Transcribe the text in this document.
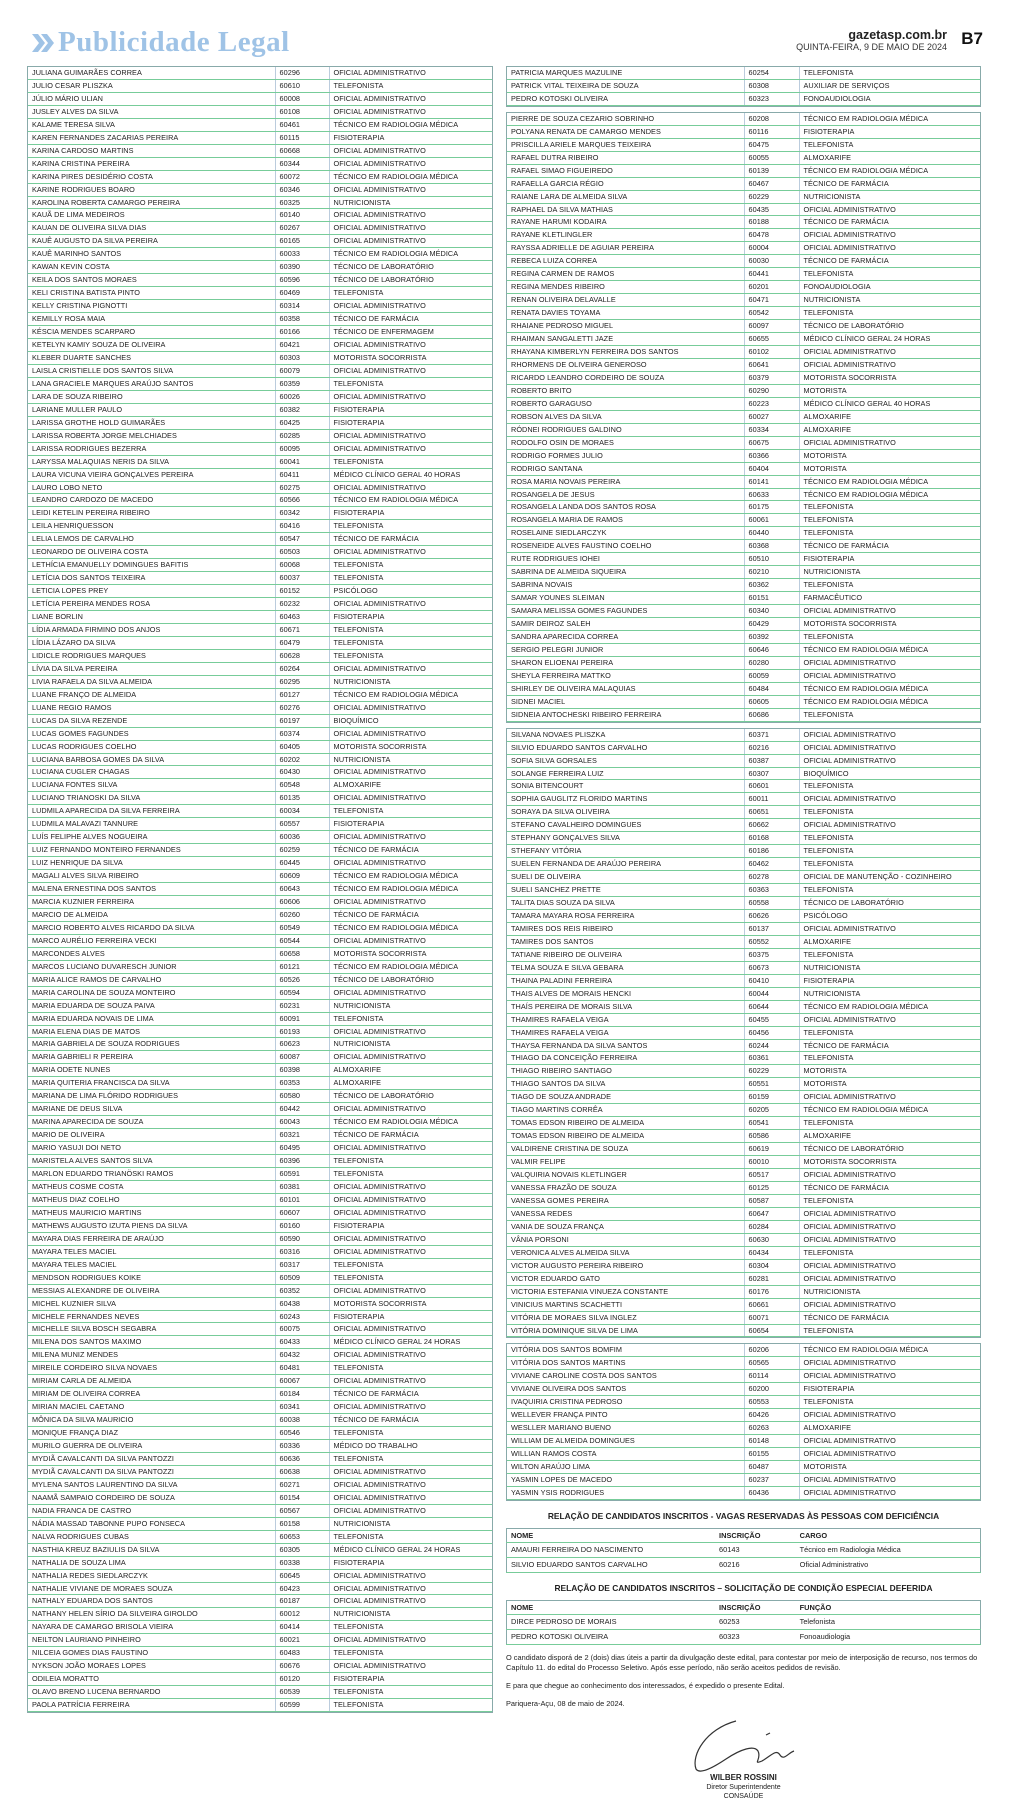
Publicidade Legal	gazetasp.com.br
QUINTA-FEIRA, 9 DE MAIO DE 2024 B7
JULIANA GUIMARÃES CORREA	60296	OFICIAL ADMINISTRATIVO
JULIO CESAR PLISZKA	60610	TELEFONISTA
JÚLIO MÁRIO ULIAN	60008	OFICIAL ADMINISTRATIVO
JUSLEY ALVES DA SILVA	60108	OFICIAL ADMINISTRATIVO
KALAME TERESA SILVA	60461	TÉCNICO EM RADIOLOGIA MÉDICA
KAREN FERNANDES ZACARIAS PEREIRA	60115	FISIOTERAPIA
KARINA CARDOSO MARTINS	60668	OFICIAL ADMINISTRATIVO
KARINA CRISTINA PEREIRA	60344	OFICIAL ADMINISTRATIVO
KARINA PIRES DESIDÉRIO COSTA	60072	TÉCNICO EM RADIOLOGIA MÉDICA
KARINE RODRIGUES BOARO	60346	OFICIAL ADMINISTRATIVO
KAROLINA ROBERTA CAMARGO PEREIRA	60325	NUTRICIONISTA
KAUÃ DE LIMA MEDEIROS	60140	OFICIAL ADMINISTRATIVO
KAUAN DE OLIVEIRA SILVA DIAS	60267	OFICIAL ADMINISTRATIVO
KAUÊ AUGUSTO DA SILVA PEREIRA	60165	OFICIAL ADMINISTRATIVO
KAUÊ MARINHO SANTOS	60033	TÉCNICO EM RADIOLOGIA MÉDICA
KAWAN KEVIN COSTA	60390	TÉCNICO DE LABORATÓRIO
KEILA DOS SANTOS MORAES	60596	TÉCNICO DE LABORATÓRIO
KELI CRISTINA BATISTA PINTO	60469	TELEFONISTA
KELLY CRISTINA PIGNOTTI	60314	OFICIAL ADMINISTRATIVO
KEMILLY ROSA MAIA	60358	TÉCNICO DE FARMÁCIA
KÉSCIA MENDES SCARPARO	60166	TÉCNICO DE ENFERMAGEM
KETELYN KAMIY SOUZA DE OLIVEIRA	60421	OFICIAL ADMINISTRATIVO
KLEBER DUARTE SANCHES	60303	MOTORISTA SOCORRISTA
LAISLA CRISTIELLE DOS SANTOS SILVA	60079	OFICIAL ADMINISTRATIVO
LANA GRACIELE MARQUES ARAÚJO SANTOS	60359	TELEFONISTA
LARA DE SOUZA RIBEIRO	60026	OFICIAL ADMINISTRATIVO
LARIANE MULLER PAULO	60382	FISIOTERAPIA
LARISSA GROTHE HOLD GUIMARÃES	60425	FISIOTERAPIA
LARISSA ROBERTA JORGE MELCHIADES	60285	OFICIAL ADMINISTRATIVO
LARISSA RODRIGUES BEZERRA	60095	OFICIAL ADMINISTRATIVO
LARYSSA MALAQUIAS NERIS DA SILVA	60041	TELEFONISTA
LAURA VICUNA VIEIRA GONÇALVES PEREIRA	60411	MÉDICO CLÍNICO GERAL 40 HORAS
LAURO LOBO NETO	60275	OFICIAL ADMINISTRATIVO
LEANDRO CARDOZO DE MACEDO	60566	TÉCNICO EM RADIOLOGIA MÉDICA
LEIDI KETELIN PEREIRA RIBEIRO	60342	FISIOTERAPIA
LEILA HENRIQUESSON	60416	TELEFONISTA
LELIA LEMOS DE CARVALHO	60547	TÉCNICO DE FARMÁCIA
LEONARDO DE OLIVEIRA COSTA	60503	OFICIAL ADMINISTRATIVO
LETHÍCIA EMANUELLY DOMINGUES BAFITIS	60068	TELEFONISTA
LETÍCIA DOS SANTOS TEIXEIRA	60037	TELEFONISTA
LETICIA LOPES PREY	60152	PSICÓLOGO
LETÍCIA PEREIRA MENDES ROSA	60232	OFICIAL ADMINISTRATIVO
LIANE BORLIN	60463	FISIOTERAPIA
LÍDIA ARMADA FIRMINO DOS ANJOS	60671	TELEFONISTA
LÍDIA LÁZARO DA SILVA	60479	TELEFONISTA
LIDICLE RODRIGUES MARQUES	60628	TELEFONISTA
LÍVIA DA SILVA PEREIRA	60264	OFICIAL ADMINISTRATIVO
LIVIA RAFAELA DA SILVA ALMEIDA	60295	NUTRICIONISTA
LUANE FRANÇO DE ALMEIDA	60127	TÉCNICO EM RADIOLOGIA MÉDICA
LUANE REGIO RAMOS	60276	OFICIAL ADMINISTRATIVO
LUCAS DA SILVA REZENDE	60197	BIOQUÍMICO
LUCAS GOMES FAGUNDES	60374	OFICIAL ADMINISTRATIVO
LUCAS RODRIGUES COELHO	60405	MOTORISTA SOCORRISTA
LUCIANA BARBOSA GOMES DA SILVA	60202	NUTRICIONISTA
LUCIANA CUGLER CHAGAS	60430	OFICIAL ADMINISTRATIVO
LUCIANA FONTES SILVA	60548	ALMOXARIFE
LUCIANO TRIANOSKI DA SILVA	60135	OFICIAL ADMINISTRATIVO
LUDMILA APARECIDA DA SILVA FERREIRA	60034	TELEFONISTA
LUDMILA MALAVAZI TANNURE	60557	FISIOTERAPIA
LUÍS FELIPHE ALVES NOGUEIRA	60036	OFICIAL ADMINISTRATIVO
LUIZ FERNANDO MONTEIRO FERNANDES	60259	TÉCNICO DE FARMÁCIA
LUIZ HENRIQUE DA SILVA	60445	OFICIAL ADMINISTRATIVO
MAGALI ALVES SILVA RIBEIRO	60609	TÉCNICO EM RADIOLOGIA MÉDICA
MALENA ERNESTINA DOS SANTOS	60643	TÉCNICO EM RADIOLOGIA MÉDICA
MARCIA KUZNIER FERREIRA	60606	OFICIAL ADMINISTRATIVO
MARCIO DE ALMEIDA	60260	TÉCNICO DE FARMÁCIA
MARCIO ROBERTO ALVES RICARDO DA SILVA	60549	TÉCNICO EM RADIOLOGIA MÉDICA
MARCO AURÉLIO FERREIRA VECKI	60544	OFICIAL ADMINISTRATIVO
MARCONDES ALVES	60658	MOTORISTA SOCORRISTA
MARCOS LUCIANO DUVARESCH JUNIOR	60121	TÉCNICO EM RADIOLOGIA MÉDICA
MARIA ALICE RAMOS DE CARVALHO	60526	TÉCNICO DE LABORATÓRIO
MARIA CAROLINA DE SOUZA MONTEIRO	60594	OFICIAL ADMINISTRATIVO
MARIA EDUARDA DE SOUZA PAIVA	60231	NUTRICIONISTA
MARIA EDUARDA NOVAIS DE LIMA	60091	TELEFONISTA
MARIA ELENA DIAS DE MATOS	60193	OFICIAL ADMINISTRATIVO
MARIA GABRIELA DE SOUZA RODRIGUES	60623	NUTRICIONISTA
MARIA GABRIELI R PEREIRA	60087	OFICIAL ADMINISTRATIVO
MARIA ODETE NUNES	60398	ALMOXARIFE
MARIA QUITERIA FRANCISCA DA SILVA	60353	ALMOXARIFE
MARIANA DE LIMA FLÓRIDO RODRIGUES	60580	TÉCNICO DE LABORATÓRIO
MARIANE DE DEUS SILVA	60442	OFICIAL ADMINISTRATIVO
MARINA APARECIDA DE SOUZA	60043	TÉCNICO EM RADIOLOGIA MÉDICA
MARIO DE OLIVEIRA	60321	TÉCNICO DE FARMÁCIA
MARIO YASUJI DOI NETO	60495	OFICIAL ADMINISTRATIVO
MARISTELA ALVES SANTOS SILVA	60396	TELEFONISTA
MARLON EDUARDO TRIANÖSKI RAMOS	60591	TELEFONISTA
MATHEUS COSME COSTA	60381	OFICIAL ADMINISTRATIVO
MATHEUS DIAZ COELHO	60101	OFICIAL ADMINISTRATIVO
MATHEUS MAURICIO MARTINS	60607	OFICIAL ADMINISTRATIVO
MATHEWS AUGUSTO IZUTA PIENS DA SILVA	60160	FISIOTERAPIA
MAYARA DIAS FERREIRA DE ARAÚJO	60590	OFICIAL ADMINISTRATIVO
MAYARA TELES MACIEL	60316	OFICIAL ADMINISTRATIVO
MAYARA TELES MACIEL	60317	TELEFONISTA
MENDSON RODRIGUES KOIKE	60509	TELEFONISTA
MESSIAS ALEXANDRE DE OLIVEIRA	60352	OFICIAL ADMINISTRATIVO
MICHEL KUZNIER SILVA	60438	MOTORISTA SOCORRISTA
MICHELE FERNANDES NEVES	60243	FISIOTERAPIA
MICHELLE SILVA BOSCH SEGABRA	60075	OFICIAL ADMINISTRATIVO
MILENA DOS SANTOS MAXIMO	60433	MÉDICO CLÍNICO GERAL 24 HORAS
MILENA MUNIZ MENDES	60432	OFICIAL ADMINISTRATIVO
MIREILE CORDEIRO SILVA NOVAES	60481	TELEFONISTA
MIRIAM CARLA DE ALMEIDA	60067	OFICIAL ADMINISTRATIVO
MIRIAM DE OLIVEIRA CORREA	60184	TÉCNICO DE FARMÁCIA
MIRIAN MACIEL CAETANO	60341	OFICIAL ADMINISTRATIVO
MÔNICA DA SILVA MAURICIO	60038	TÉCNICO DE FARMÁCIA
MONIQUE FRANÇA DIAZ	60546	TELEFONISTA
MURILO GUERRA DE OLIVEIRA	60336	MÉDICO DO TRABALHO
MYDIÃ CAVALCANTI DA SILVA PANTOZZI	60636	TELEFONISTA
MYDIÃ CAVALCANTI DA SILVA PANTOZZI	60638	OFICIAL ADMINISTRATIVO
MYLENA SANTOS LAURENTINO DA SILVA	60271	OFICIAL ADMINISTRATIVO
NAAMÃ SAMPAIO CORDEIRO DE SOUZA	60154	OFICIAL ADMINISTRATIVO
NADIA FRANCA DE CASTRO	60567	OFICIAL ADMINISTRATIVO
NÁDIA MASSAD TABONNE PUPO FONSECA	60158	NUTRICIONISTA
NALVA RODRIGUES CUBAS	60653	TELEFONISTA
NASTHIA KREUZ BAZIULIS DA SILVA	60305	MÉDICO CLÍNICO GERAL 24 HORAS
NATHALIA DE SOUZA LIMA	60338	FISIOTERAPIA
NATHALIA REDES SIEDLARCZYK	60645	OFICIAL ADMINISTRATIVO
NATHALIE VIVIANE DE MORAES SOUZA	60423	OFICIAL ADMINISTRATIVO
NATHALY EDUARDA DOS SANTOS	60187	OFICIAL ADMINISTRATIVO
NATHANY HELEN SÍRIO DA SILVEIRA GIROLDO	60012	NUTRICIONISTA
NAYARA DE CAMARGO BRISOLA VIEIRA	60414	TELEFONISTA
NEILTON LAURIANO PINHEIRO	60021	OFICIAL ADMINISTRATIVO
NILCEIA GOMES DIAS FAUSTINO	60483	TELEFONISTA
NYKSON JOÃO MORAES LOPES	60676	OFICIAL ADMINISTRATIVO
ODILEIA MORATTO	60120	FISIOTERAPIA
OLAVO BRENO LUCENA BERNARDO	60539	TELEFONISTA
PAOLA PATRÍCIA FERREIRA	60599	TELEFONISTA
PATRICIA MARQUES MAZULINE	60254	TELEFONISTA
PATRICK VITAL TEIXEIRA DE SOUZA	60308	AUXILIAR DE SERVIÇOS
PEDRO KOTOSKI OLIVEIRA	60323	FONOAUDIOLOGIA
PIERRE DE SOUZA CEZARIO SOBRINHO	60208	TÉCNICO EM RADIOLOGIA MÉDICA
POLYANA RENATA DE CAMARGO MENDES	60116	FISIOTERAPIA
PRISCILLA ARIELE MARQUES TEIXEIRA	60475	TELEFONISTA
RAFAEL DUTRA RIBEIRO	60055	ALMOXARIFE
RAFAEL SIMAO FIGUEIREDO	60139	TÉCNICO EM RADIOLOGIA MÉDICA
RAFAELLA GARCIA RÉGIO	60467	TÉCNICO DE FARMÁCIA
RAIANE LARA DE ALMEIDA SILVA	60229	NUTRICIONISTA
RAPHAEL DA SILVA MATHIAS	60435	OFICIAL ADMINISTRATIVO
RAYANE HARUMI KODAIRA	60188	TÉCNICO DE FARMÁCIA
RAYANE KLETLINGLER	60478	OFICIAL ADMINISTRATIVO
RAYSSA ADRIELLE DE AGUIAR PEREIRA	60004	OFICIAL ADMINISTRATIVO
REBECA LUIZA CORREA	60030	TÉCNICO DE FARMÁCIA
REGINA CARMEN DE RAMOS	60441	TELEFONISTA
REGINA MENDES RIBEIRO	60201	FONOAUDIOLOGIA
RENAN OLIVEIRA DELAVALLE	60471	NUTRICIONISTA
RENATA DAVIES TOYAMA	60542	TELEFONISTA
RHAIANE PEDROSO MIGUEL	60097	TÉCNICO DE LABORATÓRIO
RHAIMAN SANGALETTI JAZE	60655	MÉDICO CLÍNICO GERAL 24 HORAS
RHAYANA KIMBERLYN FERREIRA DOS SANTOS	60102	OFICIAL ADMINISTRATIVO
RHORMENS DE OLIVEIRA GENEROSO	60641	OFICIAL ADMINISTRATIVO
RICARDO LEANDRO CORDEIRO DE SOUZA	60379	MOTORISTA SOCORRISTA
ROBERTO BRITO	60290	MOTORISTA
ROBERTO GARAGUSO	60223	MÉDICO CLÍNICO GERAL 40 HORAS
ROBSON ALVES DA SILVA	60027	ALMOXARIFE
RÓDNEI RODRIGUES GALDINO	60334	ALMOXARIFE
RODOLFO OSIN DE MORAES	60675	OFICIAL ADMINISTRATIVO
RODRIGO FORMES JULIO	60366	MOTORISTA
RODRIGO SANTANA	60404	MOTORISTA
ROSA MARIA NOVAIS PEREIRA	60141	TÉCNICO EM RADIOLOGIA MÉDICA
ROSANGELA DE JESUS	60633	TÉCNICO EM RADIOLOGIA MÉDICA
ROSANGELA LANDA DOS SANTOS ROSA	60175	TELEFONISTA
ROSANGELA MARIA DE RAMOS	60061	TELEFONISTA
ROSELAINE SIEDLARCZYK	60440	TELEFONISTA
ROSENEIDE ALVES FAUSTINO COELHO	60368	TÉCNICO DE FARMÁCIA
RUTE RODRIGUES IOHEI	60510	FISIOTERAPIA
SABRINA DE ALMEIDA SIQUEIRA	60210	NUTRICIONISTA
SABRINA NOVAIS	60362	TELEFONISTA
SAMAR YOUNES SLEIMAN	60151	FARMACÊUTICO
SAMARA MELISSA GOMES FAGUNDES	60340	OFICIAL ADMINISTRATIVO
SAMIR DEIROZ SALEH	60429	MOTORISTA SOCORRISTA
SANDRA APARECIDA CORREA	60392	TELEFONISTA
SERGIO PELEGRI JUNIOR	60646	TÉCNICO EM RADIOLOGIA MÉDICA
SHARON ELIOENAI PEREIRA	60280	OFICIAL ADMINISTRATIVO
SHEYLA FERREIRA MATTKO	60059	OFICIAL ADMINISTRATIVO
SHIRLEY DE OLIVEIRA MALAQUIAS	60484	TÉCNICO EM RADIOLOGIA MÉDICA
SIDNEI MACIEL	60605	TÉCNICO EM RADIOLOGIA MÉDICA
SIDNEIA ANTOCHESKI RIBEIRO FERREIRA	60686	TELEFONISTA
SILVANA NOVAES PLISZKA	60371	OFICIAL ADMINISTRATIVO
SILVIO EDUARDO SANTOS CARVALHO	60216	OFICIAL ADMINISTRATIVO
SOFIA SILVA GORSALES	60387	OFICIAL ADMINISTRATIVO
SOLANGE FERREIRA LUIZ	60307	BIOQUÍMICO
SONIA BITENCOURT	60601	TELEFONISTA
SOPHIA GAUGLITZ FLORIDO MARTINS	60011	OFICIAL ADMINISTRATIVO
SORAYA DA SILVA OLIVEIRA	60651	TELEFONISTA
STEFANO CAVALHEIRO DOMINGUES	60662	OFICIAL ADMINISTRATIVO
STEPHANY GONÇALVES SILVA	60168	TELEFONISTA
STHEFANY VITÓRIA	60186	TELEFONISTA
SUELEN FERNANDA DE ARAÚJO PEREIRA	60462	TELEFONISTA
SUELI DE OLIVEIRA	60278	OFICIAL DE MANUTENÇÃO - COZINHEIRO
SUELI SANCHEZ PRETTE	60363	TELEFONISTA
TALITA DIAS SOUZA DA SILVA	60558	TÉCNICO DE LABORATÓRIO
TAMARA MAYARA ROSA FERREIRA	60626	PSICÓLOGO
TAMIRES DOS REIS RIBEIRO	60137	OFICIAL ADMINISTRATIVO
TAMIRES DOS SANTOS	60552	ALMOXARIFE
TATIANE RIBEIRO DE OLIVEIRA	60375	TELEFONISTA
TELMA SOUZA E SILVA GEBARA	60673	NUTRICIONISTA
THAINA PALADINI FERREIRA	60410	FISIOTERAPIA
THAIS ALVES DE MORAIS HENCKI	60044	NUTRICIONISTA
THAÍS PEREIRA DE MORAIS SILVA	60644	TÉCNICO EM RADIOLOGIA MÉDICA
THAMIRES RAFAELA VEIGA	60455	OFICIAL ADMINISTRATIVO
THAMIRES RAFAELA VEIGA	60456	TELEFONISTA
THAYSA FERNANDA DA SILVA SANTOS	60244	TÉCNICO DE FARMÁCIA
THIAGO DA CONCEIÇÃO FERREIRA	60361	TELEFONISTA
THIAGO RIBEIRO SANTIAGO	60229	MOTORISTA
THIAGO SANTOS DA SILVA	60551	MOTORISTA
TIAGO DE SOUZA ANDRADE	60159	OFICIAL ADMINISTRATIVO
TIAGO MARTINS CORRÊA	60205	TÉCNICO EM RADIOLOGIA MÉDICA
TOMAS EDSON RIBEIRO DE ALMEIDA	60541	TELEFONISTA
TOMAS EDSON RIBEIRO DE ALMEIDA	60586	ALMOXARIFE
VALDIRENE CRISTINA DE SOUZA	60619	TÉCNICO DE LABORATÓRIO
VALMIR FELIPE	60010	MOTORISTA SOCORRISTA
VALQUIRIA NOVAIS KLETLINGER	60517	OFICIAL ADMINISTRATIVO
VANESSA FRAZÃO DE SOUZA	60125	TÉCNICO DE FARMÁCIA
VANESSA GOMES PEREIRA	60587	TELEFONISTA
VANESSA REDES	60647	OFICIAL ADMINISTRATIVO
VANIA DE SOUZA FRANÇA	60284	OFICIAL ADMINISTRATIVO
VÂNIA PORSONI	60630	OFICIAL ADMINISTRATIVO
VERONICA ALVES ALMEIDA SILVA	60434	TELEFONISTA
VICTOR AUGUSTO PEREIRA RIBEIRO	60304	OFICIAL ADMINISTRATIVO
VICTOR EDUARDO GATO	60281	OFICIAL ADMINISTRATIVO
VICTORIA ESTEFANIA VINUEZA CONSTANTE	60176	NUTRICIONISTA
VINICIUS MARTINS SCACHETTI	60661	OFICIAL ADMINISTRATIVO
VITÓRIA DE MORAES SILVA INGLEZ	60071	TÉCNICO DE FARMÁCIA
VITÓRIA DOMINIQUE SILVA DE LIMA	60654	TELEFONISTA
VITÓRIA DOS SANTOS BOMFIM	60206	TÉCNICO EM RADIOLOGIA MÉDICA
VITÓRIA DOS SANTOS MARTINS	60565	OFICIAL ADMINISTRATIVO
VIVIANE CAROLINE COSTA DOS SANTOS	60114	OFICIAL ADMINISTRATIVO
VIVIANE OLIVEIRA DOS SANTOS	60200	FISIOTERAPIA
IVAQUIRIA CRISTINA PEDROSO	60553	TELEFONISTA
WELLEVER FRANÇA PINTO	60426	OFICIAL ADMINISTRATIVO
WESLLER MARIANO BUENO	60263	ALMOXARIFE
WILLIAM DE ALMEIDA DOMINGUES	60148	OFICIAL ADMINISTRATIVO
WILLIAN RAMOS COSTA	60155	OFICIAL ADMINISTRATIVO
WILTON ARAÚJO LIMA	60487	MOTORISTA
YASMIN LOPES DE MACEDO	60237	OFICIAL ADMINISTRATIVO
YASMIN YSIS RODRIGUES	60436	OFICIAL ADMINISTRATIVO
RELAÇÃO DE CANDIDATOS INSCRITOS - VAGAS RESERVADAS ÀS PESSOAS COM DEFICIÊNCIA
NOME	INSCRIÇÃO	CARGO
AMAURI FERREIRA DO NASCIMENTO	60143	Técnico em Radiologia Médica
SILVIO EDUARDO SANTOS CARVALHO	60216	Oficial Administrativo
RELAÇÃO DE CANDIDATOS INSCRITOS – SOLICITAÇÃO DE CONDIÇÃO ESPECIAL DEFERIDA
NOME	INSCRIÇÃO	FUNÇÃO
DIRCE PEDROSO DE MORAIS	60253	Telefonista
PEDRO KOTOSKI OLIVEIRA	60323	Fonoaudiologia

O candidato disporá de 2 (dois) dias úteis a partir da divulgação deste edital, para contestar por meio de interposição de recurso, nos termos do Capítulo 11. do edital do Processo Seletivo. Após esse período, não serão aceitos pedidos de revisão.

E para que chegue ao conhecimento dos interessados, é expedido o presente Edital.

Pariquera-Açu, 08 de maio de 2024.

WILBER ROSSINI
Diretor Superintendente
CONSAÚDE
